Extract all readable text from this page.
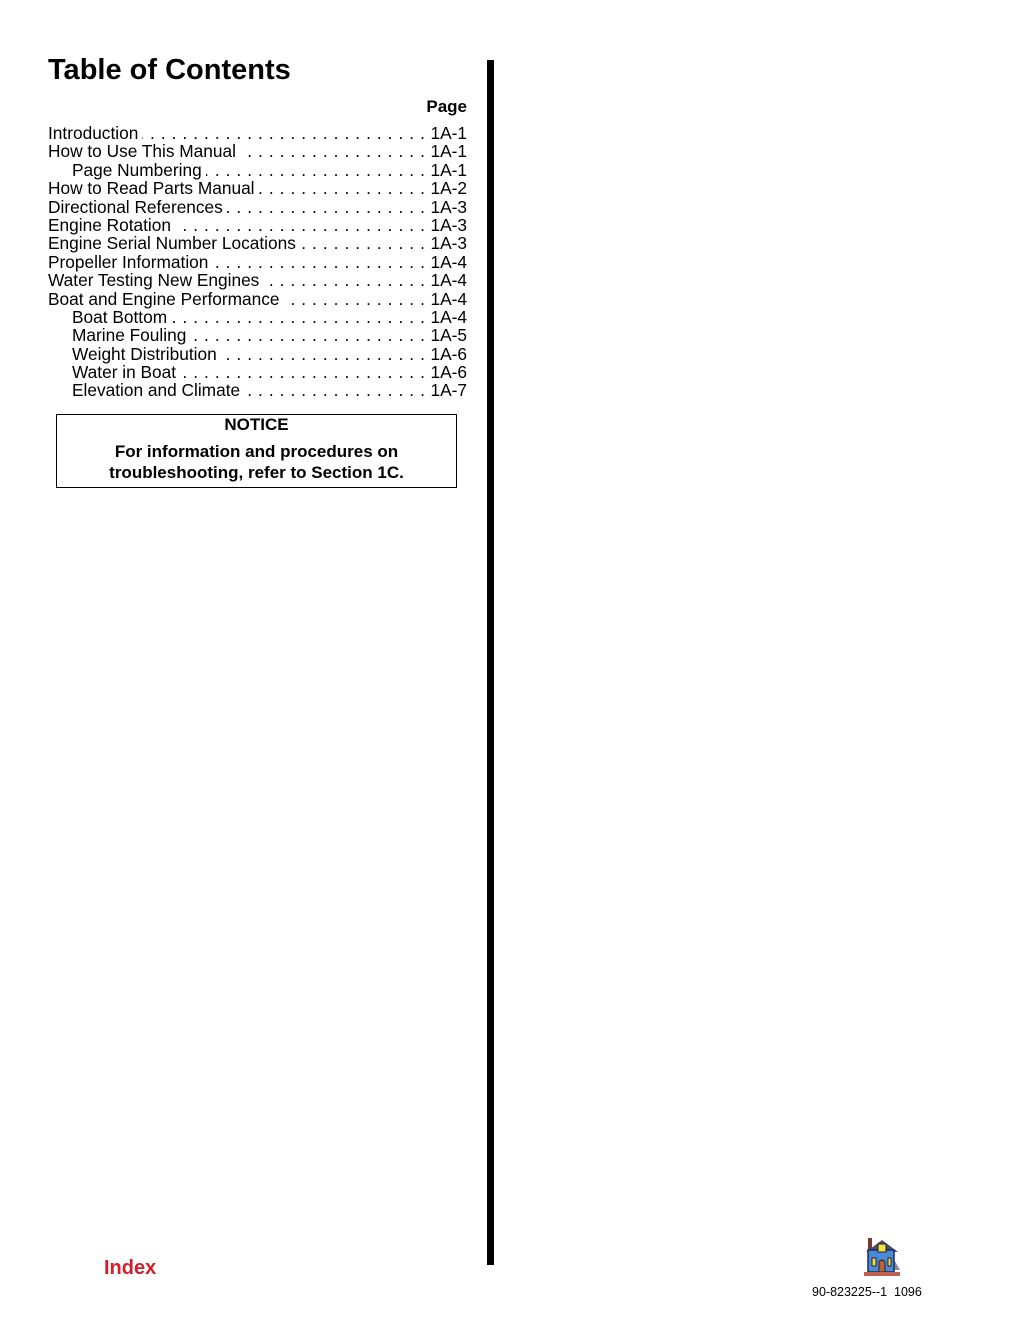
Table of Contents
Page
Introduction . . .	1A-1
How to Use This Manual . . .	1A-1
Page Numbering . . .	1A-1
How to Read Parts Manual . . .	1A-2
Directional References . . .	1A-3
Engine Rotation . . .	1A-3
Engine Serial Number Locations . . .	1A-3
Propeller Information . . .	1A-4
Water Testing New Engines . . .	1A-4
Boat and Engine Performance . . .	1A-4
Boat Bottom . . .	1A-4
Marine Fouling . . .	1A-5
Weight Distribution . . .	1A-6
Water in Boat . . .	1A-6
Elevation and Climate . . .	1A-7
NOTICE
For information and procedures on
troubleshooting, refer to Section 1C.
Index
90-823225--1  1096
